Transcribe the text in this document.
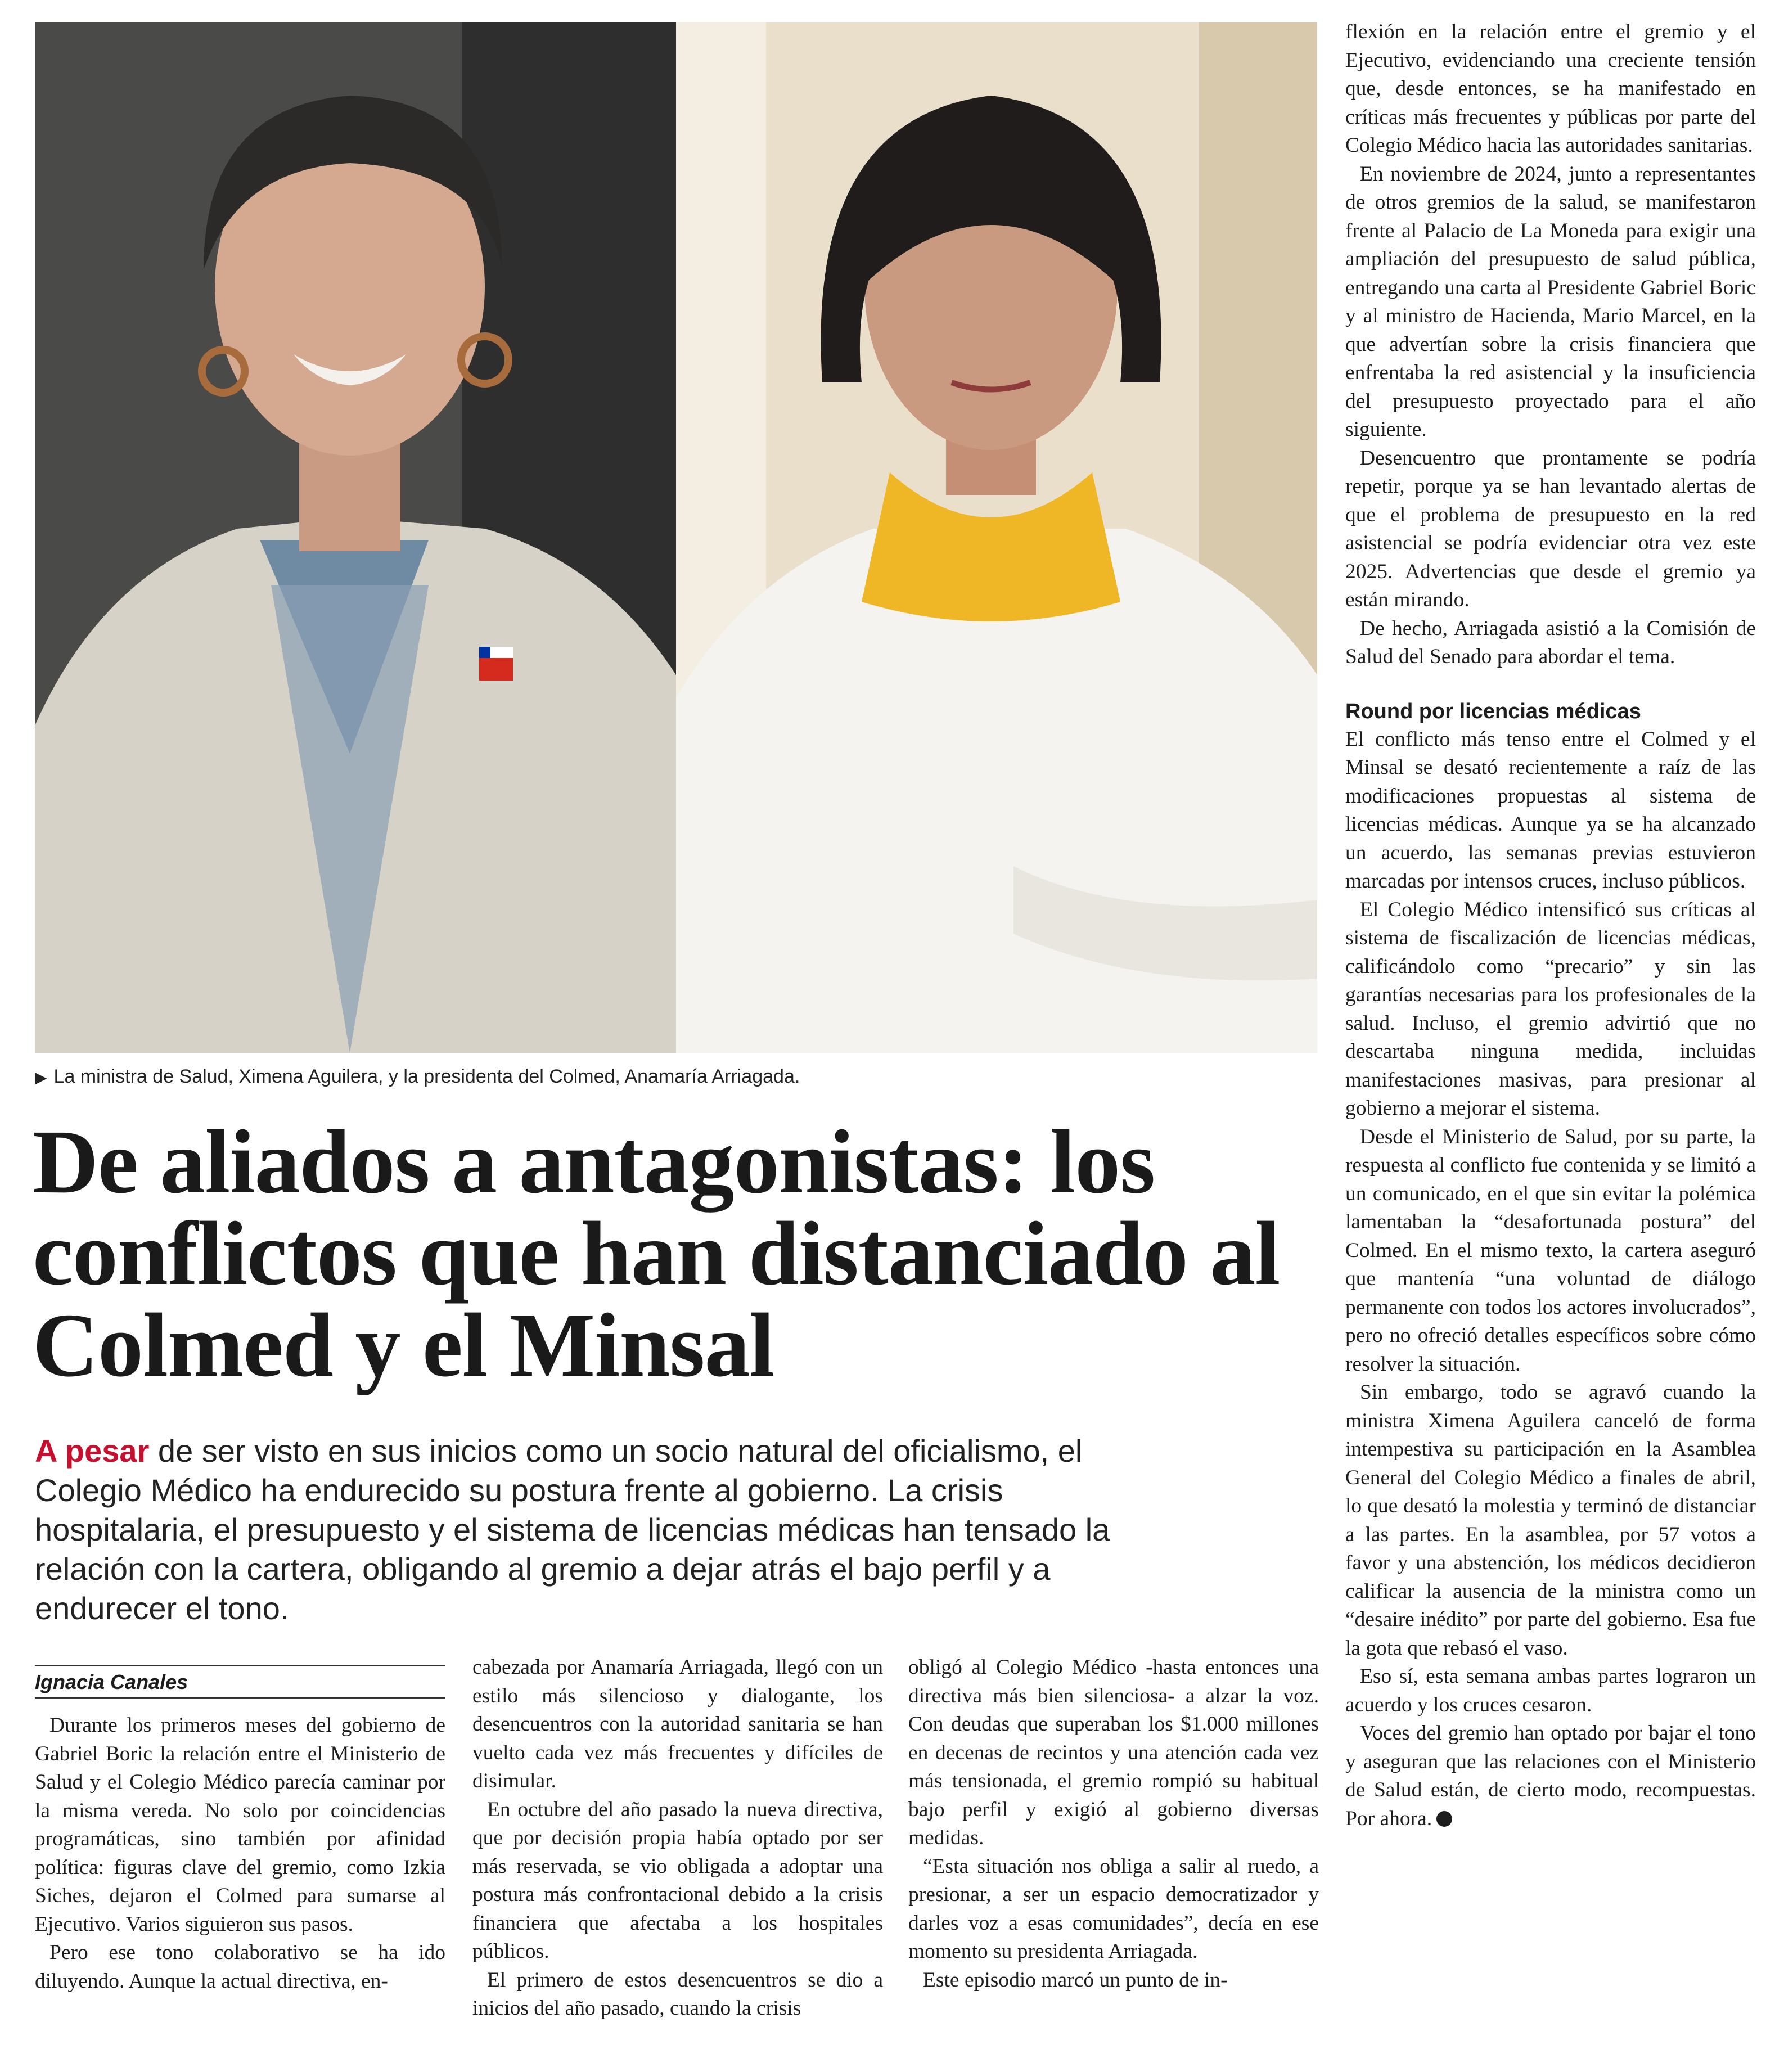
▶ La ministra de Salud, Ximena Aguilera, y la presidenta del Colmed, Anamaría Arriagada.
De aliados a antagonistas: los conflictos que han distanciado al Colmed y el Minsal

A pesar de ser visto en sus inicios como un socio natural del oficialismo, el Colegio Médico ha endurecido su postura frente al gobierno. La crisis hospitalaria, el presupuesto y el sistema de licencias médicas han tensado la relación con la cartera, obligando al gremio a dejar atrás el bajo perfil y a endurecer el tono.

Ignacia Canales

Durante los primeros meses del gobierno de Gabriel Boric la relación entre el Ministerio de Salud y el Colegio Médico parecía caminar por la misma vereda. No solo por coincidencias programáticas, sino también por afinidad política: figuras clave del gremio, como Izkia Siches, dejaron el Colmed para sumarse al Ejecutivo. Varios siguieron sus pasos.

Pero ese tono colaborativo se ha ido diluyendo. Aunque la actual directiva, en-

cabezada por Anamaría Arriagada, llegó con un estilo más silencioso y dialogante, los desencuentros con la autoridad sanitaria se han vuelto cada vez más frecuentes y difíciles de disimular.

En octubre del año pasado la nueva directiva, que por decisión propia había optado por ser más reservada, se vio obligada a adoptar una postura más confrontacional debido a la crisis financiera que afectaba a los hospitales públicos.

El primero de estos desencuentros se dio a inicios del año pasado, cuando la crisis

obligó al Colegio Médico -hasta entonces una directiva más bien silenciosa- a alzar la voz. Con deudas que superaban los $1.000 millones en decenas de recintos y una atención cada vez más tensionada, el gremio rompió su habitual bajo perfil y exigió al gobierno diversas medidas.

“Esta situación nos obliga a salir al ruedo, a presionar, a ser un espacio democratizador y darles voz a esas comunidades”, decía en ese momento su presidenta Arriagada.

Este episodio marcó un punto de in-

flexión en la relación entre el gremio y el Ejecutivo, evidenciando una creciente tensión que, desde entonces, se ha manifestado en críticas más frecuentes y públicas por parte del Colegio Médico hacia las autoridades sanitarias.

En noviembre de 2024, junto a representantes de otros gremios de la salud, se manifestaron frente al Palacio de La Moneda para exigir una ampliación del presupuesto de salud pública, entregando una carta al Presidente Gabriel Boric y al ministro de Hacienda, Mario Marcel, en la que advertían sobre la crisis financiera que enfrentaba la red asistencial y la insuficiencia del presupuesto proyectado para el año siguiente.

Desencuentro que prontamente se podría repetir, porque ya se han levantado alertas de que el problema de presupuesto en la red asistencial se podría evidenciar otra vez este 2025. Advertencias que desde el gremio ya están mirando.

De hecho, Arriagada asistió a la Comisión de Salud del Senado para abordar el tema.

Round por licencias médicas

El conflicto más tenso entre el Colmed y el Minsal se desató recientemente a raíz de las modificaciones propuestas al sistema de licencias médicas. Aunque ya se ha alcanzado un acuerdo, las semanas previas estuvieron marcadas por intensos cruces, incluso públicos.

El Colegio Médico intensificó sus críticas al sistema de fiscalización de licencias médicas, calificándolo como “precario” y sin las garantías necesarias para los profesionales de la salud. Incluso, el gremio advirtió que no descartaba ninguna medida, incluidas manifestaciones masivas, para presionar al gobierno a mejorar el sistema.

Desde el Ministerio de Salud, por su parte, la respuesta al conflicto fue contenida y se limitó a un comunicado, en el que sin evitar la polémica lamentaban la “desafortunada postura” del Colmed. En el mismo texto, la cartera aseguró que mantenía “una voluntad de diálogo permanente con todos los actores involucrados”, pero no ofreció detalles específicos sobre cómo resolver la situación.

Sin embargo, todo se agravó cuando la ministra Ximena Aguilera canceló de forma intempestiva su participación en la Asamblea General del Colegio Médico a finales de abril, lo que desató la molestia y terminó de distanciar a las partes. En la asamblea, por 57 votos a favor y una abstención, los médicos decidieron calificar la ausencia de la ministra como un “desaire inédito” por parte del gobierno. Esa fue la gota que rebasó el vaso.

Eso sí, esta semana ambas partes lograron un acuerdo y los cruces cesaron.

Voces del gremio han optado por bajar el tono y aseguran que las relaciones con el Ministerio de Salud están, de cierto modo, recompuestas. Por ahora.
